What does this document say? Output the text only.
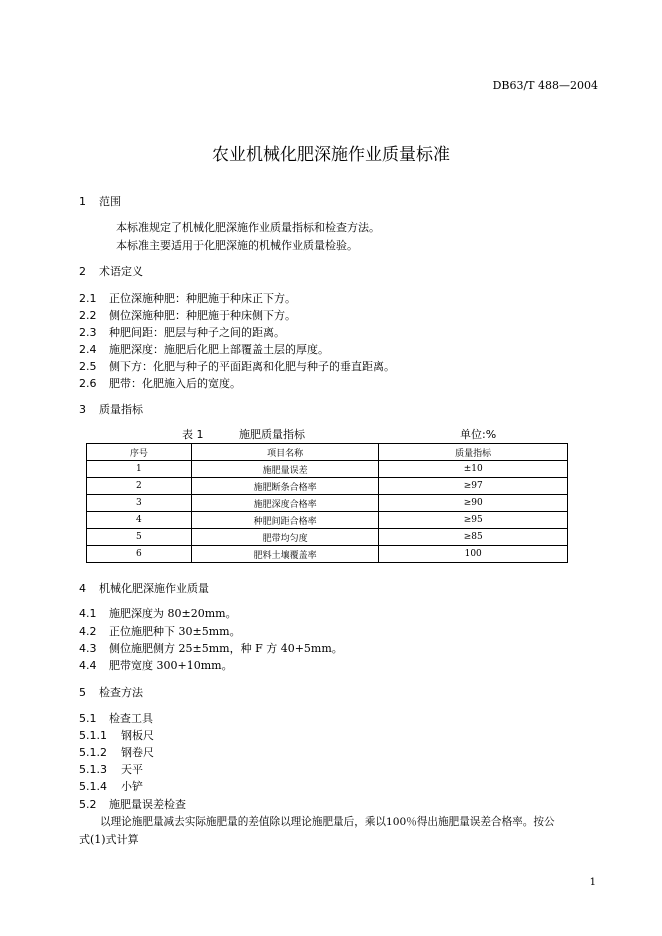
DB63/T 488—2004
农业机械化肥深施作业质量标准
1 范围
本标准规定了机械化肥深施作业质量指标和检查方法。
本标准主要适用于化肥深施的机械作业质量检验。
2 术语定义
2.1 正位深施种肥：种肥施于种床正下方。
2.2 侧位深施种肥：种肥施于种床侧下方。
2.3 种肥间距：肥层与种子之间的距离。
2.4 施肥深度：施肥后化肥上部覆盖土层的厚度。
2.5 侧下方：化肥与种子的平面距离和化肥与种子的垂直距离。
2.6 肥带：化肥施入后的宽度。
3 质量指标
表 1	施肥质量指标	单位:%
序号	项目名称	质量指标
1	施肥量误差	±10
2	施肥断条合格率	≥97
3	施肥深度合格率	≥90
4	种肥间距合格率	≥95
5	肥带均匀度	≥85
6	肥料土壤覆盖率	100
4 机械化肥深施作业质量
4.1 施肥深度为 80±20mm。
4.2 正位施肥种下 30±5mm。
4.3 侧位施肥侧方 25±5mm，种 F 方 40+5mm。
4.4 肥带宽度 300+10mm。
5 检查方法
5.1 检查工具
5.1.1 钢板尺
5.1.2 钢卷尺
5.1.3 天平
5.1.4 小铲
5.2 施肥量误差检查
以理论施肥量减去实际施肥量的差值除以理论施肥量后，乘以100％得出施肥量误差合格率。按公
式(1)式计算
1
